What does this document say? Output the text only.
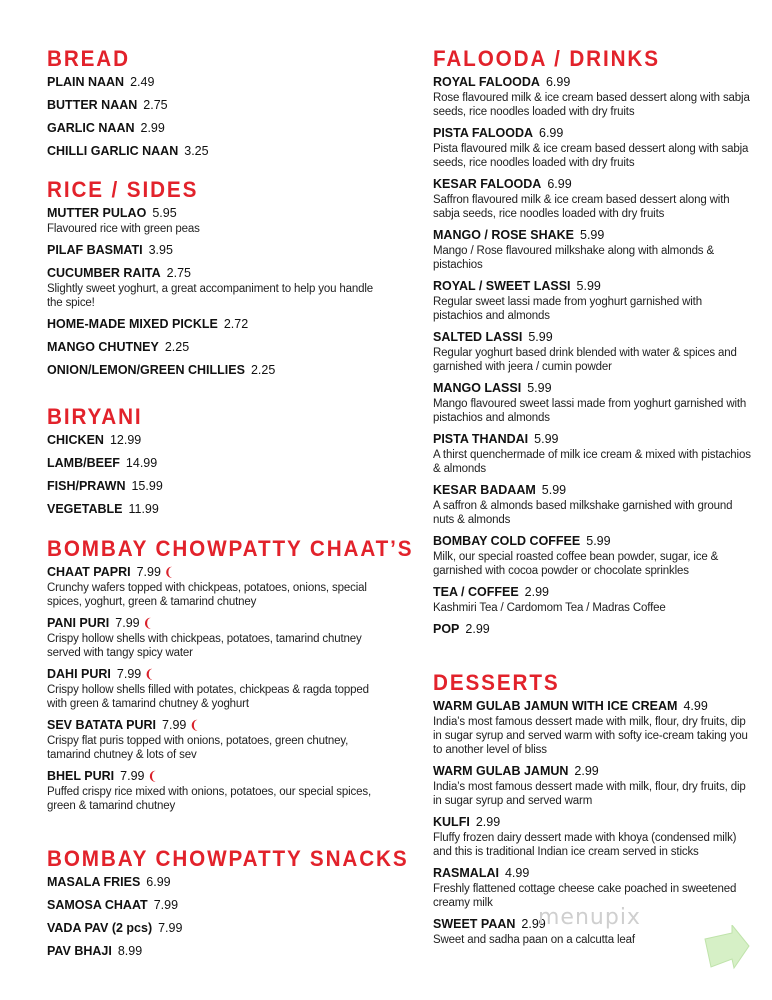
BREAD
PLAIN NAAN 2.49
BUTTER NAAN 2.75
GARLIC NAAN 2.99
CHILLI GARLIC NAAN 3.25
RICE / SIDES
MUTTER PULAO 5.95
Flavoured rice with green peas
PILAF BASMATI 3.95
CUCUMBER RAITA 2.75
Slightly sweet yoghurt, a great accompaniment to help you handle the spice!
HOME-MADE MIXED PICKLE 2.72
MANGO CHUTNEY 2.25
ONION/LEMON/GREEN CHILLIES 2.25
BIRYANI
CHICKEN 12.99
LAMB/BEEF 14.99
FISH/PRAWN 15.99
VEGETABLE 11.99
BOMBAY CHOWPATTY CHAAT’S
CHAAT PAPRI 7.99 ❨
Crunchy wafers topped with chickpeas, potatoes, onions, special spices, yoghurt, green & tamarind chutney
PANI PURI 7.99 ❨
Crispy hollow shells with chickpeas, potatoes, tamarind chutney served with tangy spicy water
DAHI PURI 7.99 ❨
Crispy hollow shells filled with potates, chickpeas & ragda topped with green & tamarind chutney & yoghurt
SEV BATATA PURI 7.99 ❨
Crispy flat puris topped with onions, potatoes, green chutney, tamarind chutney & lots of sev
BHEL PURI 7.99 ❨
Puffed crispy rice mixed with onions, potatoes, our special spices, green & tamarind chutney
BOMBAY CHOWPATTY SNACKS
MASALA FRIES 6.99
SAMOSA CHAAT 7.99
VADA PAV (2 pcs) 7.99
PAV BHAJI 8.99
FALOODA / DRINKS
ROYAL FALOODA 6.99
Rose flavoured milk & ice cream based dessert along with sabja seeds, rice noodles loaded with dry fruits
PISTA FALOODA 6.99
Pista flavoured milk & ice cream based dessert along with sabja seeds, rice noodles loaded with dry fruits
KESAR FALOODA 6.99
Saffron flavoured milk & ice cream based dessert along with sabja seeds, rice noodles loaded with dry fruits
MANGO / ROSE SHAKE 5.99
Mango / Rose flavoured milkshake along with almonds & pistachios
ROYAL / SWEET LASSI 5.99
Regular sweet lassi made from yoghurt garnished with pistachios and almonds
SALTED LASSI 5.99
Regular yoghurt based drink blended with water & spices and garnished with jeera / cumin powder
MANGO LASSI 5.99
Mango flavoured sweet lassi made from yoghurt garnished with pistachios and almonds
PISTA THANDAI 5.99
A thirst quenchermade of milk ice cream & mixed with pistachios & almonds
KESAR BADAAM 5.99
A saffron & almonds based milkshake garnished with ground nuts & almonds
BOMBAY COLD COFFEE 5.99
Milk, our special roasted coffee bean powder, sugar, ice & garnished with cocoa powder or chocolate sprinkles
TEA / COFFEE 2.99
Kashmiri Tea / Cardomom Tea / Madras Coffee
POP 2.99
DESSERTS
WARM GULAB JAMUN WITH ICE CREAM 4.99
India’s most famous dessert made with milk, flour, dry fruits, dip in sugar syrup and served warm with softy ice-cream taking you to another level of bliss
WARM GULAB JAMUN 2.99
India’s most famous dessert made with milk, flour, dry fruits, dip in sugar syrup and served warm
KULFI 2.99
Fluffy frozen dairy dessert made with khoya (condensed milk) and this is traditional Indian ice cream served in sticks
RASMALAI 4.99
Freshly flattened cottage cheese cake poached in sweetened creamy milk
SWEET PAAN 2.99
Sweet and sadha paan on a calcutta leaf
menupix
